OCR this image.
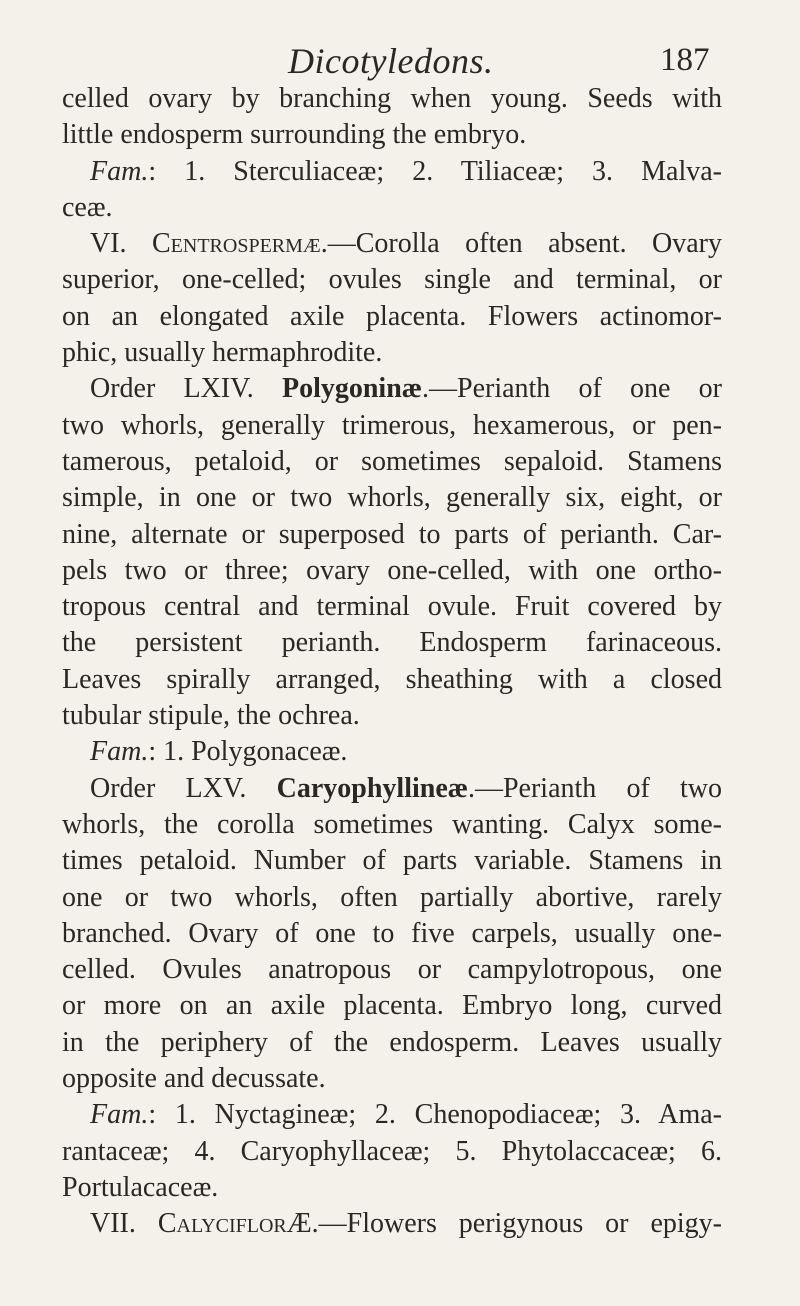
Dicotyledons.	187
celled ovary by branching when young. Seeds with
little endosperm surrounding the embryo.
Fam.: 1. Sterculiaceæ; 2. Tiliaceæ; 3. Malva-
ceæ.
VI. Centrospermæ.—Corolla often absent. Ovary
superior, one-celled; ovules single and terminal, or
on an elongated axile placenta. Flowers actinomor-
phic, usually hermaphrodite.
Order LXIV. Polygoninæ.—Perianth of one or
two whorls, generally trimerous, hexamerous, or pen-
tamerous, petaloid, or sometimes sepaloid. Stamens
simple, in one or two whorls, generally six, eight, or
nine, alternate or superposed to parts of perianth. Car-
pels two or three; ovary one-celled, with one ortho-
tropous central and terminal ovule. Fruit covered by
the persistent perianth. Endosperm farinaceous.
Leaves spirally arranged, sheathing with a closed
tubular stipule, the ochrea.
Fam.: 1. Polygonaceæ.
Order LXV. Caryophyllineæ.—Perianth of two
whorls, the corolla sometimes wanting. Calyx some-
times petaloid. Number of parts variable. Stamens in
one or two whorls, often partially abortive, rarely
branched. Ovary of one to five carpels, usually one-
celled. Ovules anatropous or campylotropous, one
or more on an axile placenta. Embryo long, curved
in the periphery of the endosperm. Leaves usually
opposite and decussate.
Fam.: 1. Nyctagineæ; 2. Chenopodiaceæ; 3. Ama-
rantaceæ; 4. Caryophyllaceæ; 5. Phytolaccaceæ; 6.
Portulacaceæ.
VII. CalyciflorÆ.—Flowers perigynous or epigy-
